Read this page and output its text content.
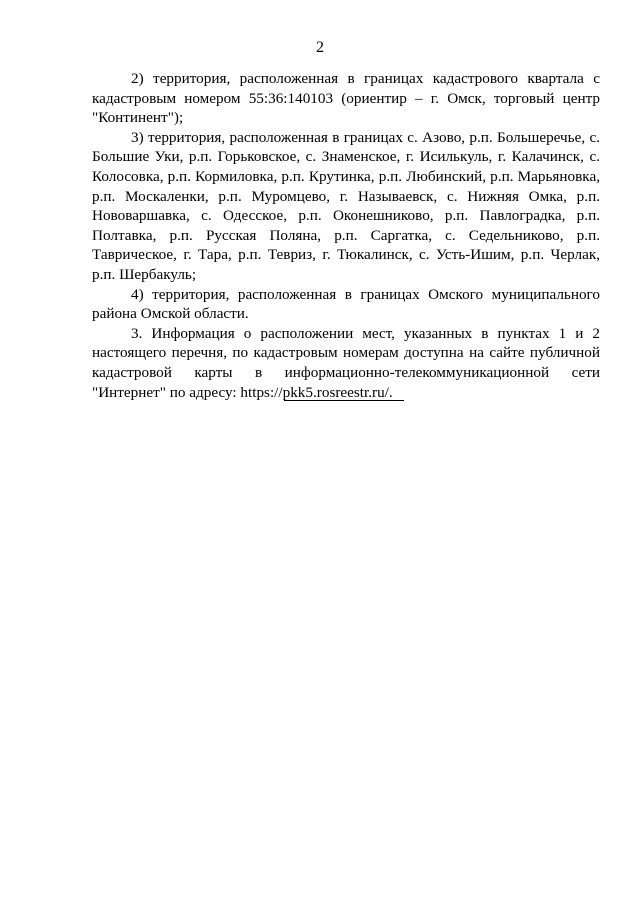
2

2) территория, расположенная в границах кадастрового квартала с кадастровым номером 55:36:140103 (ориентир – г. Омск, торговый центр "Континент");

3) территория, расположенная в границах с. Азово, р.п. Большеречье, с. Большие Уки, р.п. Горьковское, с. Знаменское, г. Исилькуль, г. Калачинск, с. Колосовка, р.п. Кормиловка, р.п. Крутинка, р.п. Любинский, р.п. Марьяновка, р.п. Москаленки, р.п. Муромцево, г. Называевск, с. Нижняя Омка, р.п. Нововаршавка, с. Одесское, р.п. Оконешниково, р.п. Павлоградка, р.п. Полтавка, р.п. Русская Поляна, р.п. Саргатка, с. Седельниково, р.п. Таврическое, г. Тара, р.п. Тевриз, г. Тюкалинск, с. Усть-Ишим, р.п. Черлак, р.п. Шербакуль;

4) территория, расположенная в границах Омского муниципального района Омской области.

3. Информация о расположении мест, указанных в пунктах 1 и 2 настоящего перечня, по кадастровым номерам доступна на сайте публичной кадастровой карты в информационно-телекоммуникационной сети "Интернет" по адресу: https://pkk5.rosreestr.ru/.
